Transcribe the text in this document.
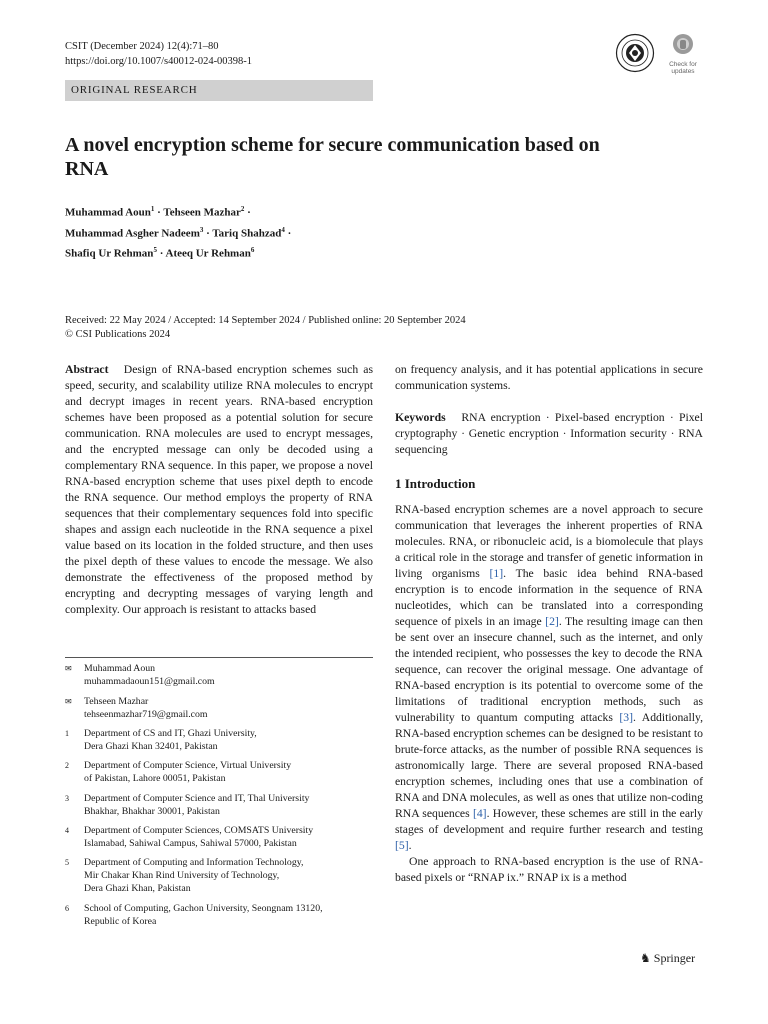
CSIT (December 2024) 12(4):71–80
https://doi.org/10.1007/s40012-024-00398-1	Check for updates
ORIGINAL RESEARCH
A novel encryption scheme for secure communication based on RNA
Muhammad Aoun$^1$ · Tehseen Mazhar$^2$ ·
Muhammad Asgher Nadeem$^3$ · Tariq Shahzad$^4$ ·
Shafiq Ur Rehman$^5$ · Ateeq Ur Rehman$^6$
Received: 22 May 2024 / Accepted: 14 September 2024 / Published online: 20 September 2024
© CSI Publications 2024

Abstract Design of RNA-based encryption schemes such as speed, security, and scalability utilize RNA molecules to encrypt and decrypt images in recent years. RNA-based encryption schemes have been proposed as a potential solution for secure communication. RNA molecules are used to encrypt messages, and the encrypted message can only be decoded using a complementary RNA sequence. In this paper, we propose a novel RNA-based encryption scheme that uses pixel depth to encode the RNA sequence. Our method employs the property of RNA sequences that their complementary sequences fold into specific shapes and assign each nucleotide in the RNA sequence a pixel value based on its location in the folded structure, and then uses the pixel depth of these values to encode the message. We also demonstrate the effectiveness of the proposed method by encrypting and decrypting messages of varying length and complexity. Our approach is resistant to attacks based

✉ Muhammad Aoun
muhammadaoun151@gmail.com
✉ Tehseen Mazhar
tehseenmazhar719@gmail.com
1 Department of CS and IT, Ghazi University,
Dera Ghazi Khan 32401, Pakistan
2 Department of Computer Science, Virtual University
of Pakistan, Lahore 00051, Pakistan
3 Department of Computer Science and IT, Thal University
Bhakhar, Bhakhar 30001, Pakistan
4 Department of Computer Sciences, COMSATS University
Islamabad, Sahiwal Campus, Sahiwal 57000, Pakistan
5 Department of Computing and Information Technology,
Mir Chakar Khan Rind University of Technology,
Dera Ghazi Khan, Pakistan
6 School of Computing, Gachon University, Seongnam 13120,
Republic of Korea

on frequency analysis, and it has potential applications in secure communication systems.

Keywords RNA encryption · Pixel-based encryption · Pixel cryptography · Genetic encryption · Information security · RNA sequencing

1 Introduction

RNA-based encryption schemes are a novel approach to secure communication that leverages the inherent properties of RNA molecules. RNA, or ribonucleic acid, is a biomolecule that plays a critical role in the storage and transfer of genetic information in living organisms [1]. The basic idea behind RNA-based encryption is to encode information in the sequence of RNA nucleotides, which can be translated into a corresponding sequence of pixels in an image [2]. The resulting image can then be sent over an insecure channel, such as the internet, and only the intended recipient, who possesses the key to decode the RNA sequence, can recover the original message. One advantage of RNA-based encryption is its potential to overcome some of the limitations of traditional encryption methods, such as vulnerability to quantum computing attacks [3]. Additionally, RNA-based encryption schemes can be designed to be resistant to brute-force attacks, as the number of possible RNA sequences is astronomically large. There are several proposed RNA-based encryption schemes, including ones that use a combination of RNA and DNA molecules, as well as ones that utilize non-coding RNA sequences [4]. However, these schemes are still in the early stages of development and require further research and testing [5].

One approach to RNA-based encryption is the use of RNA-based pixels or “RNAP ix.” RNAP ix is a method

♞ Springer
